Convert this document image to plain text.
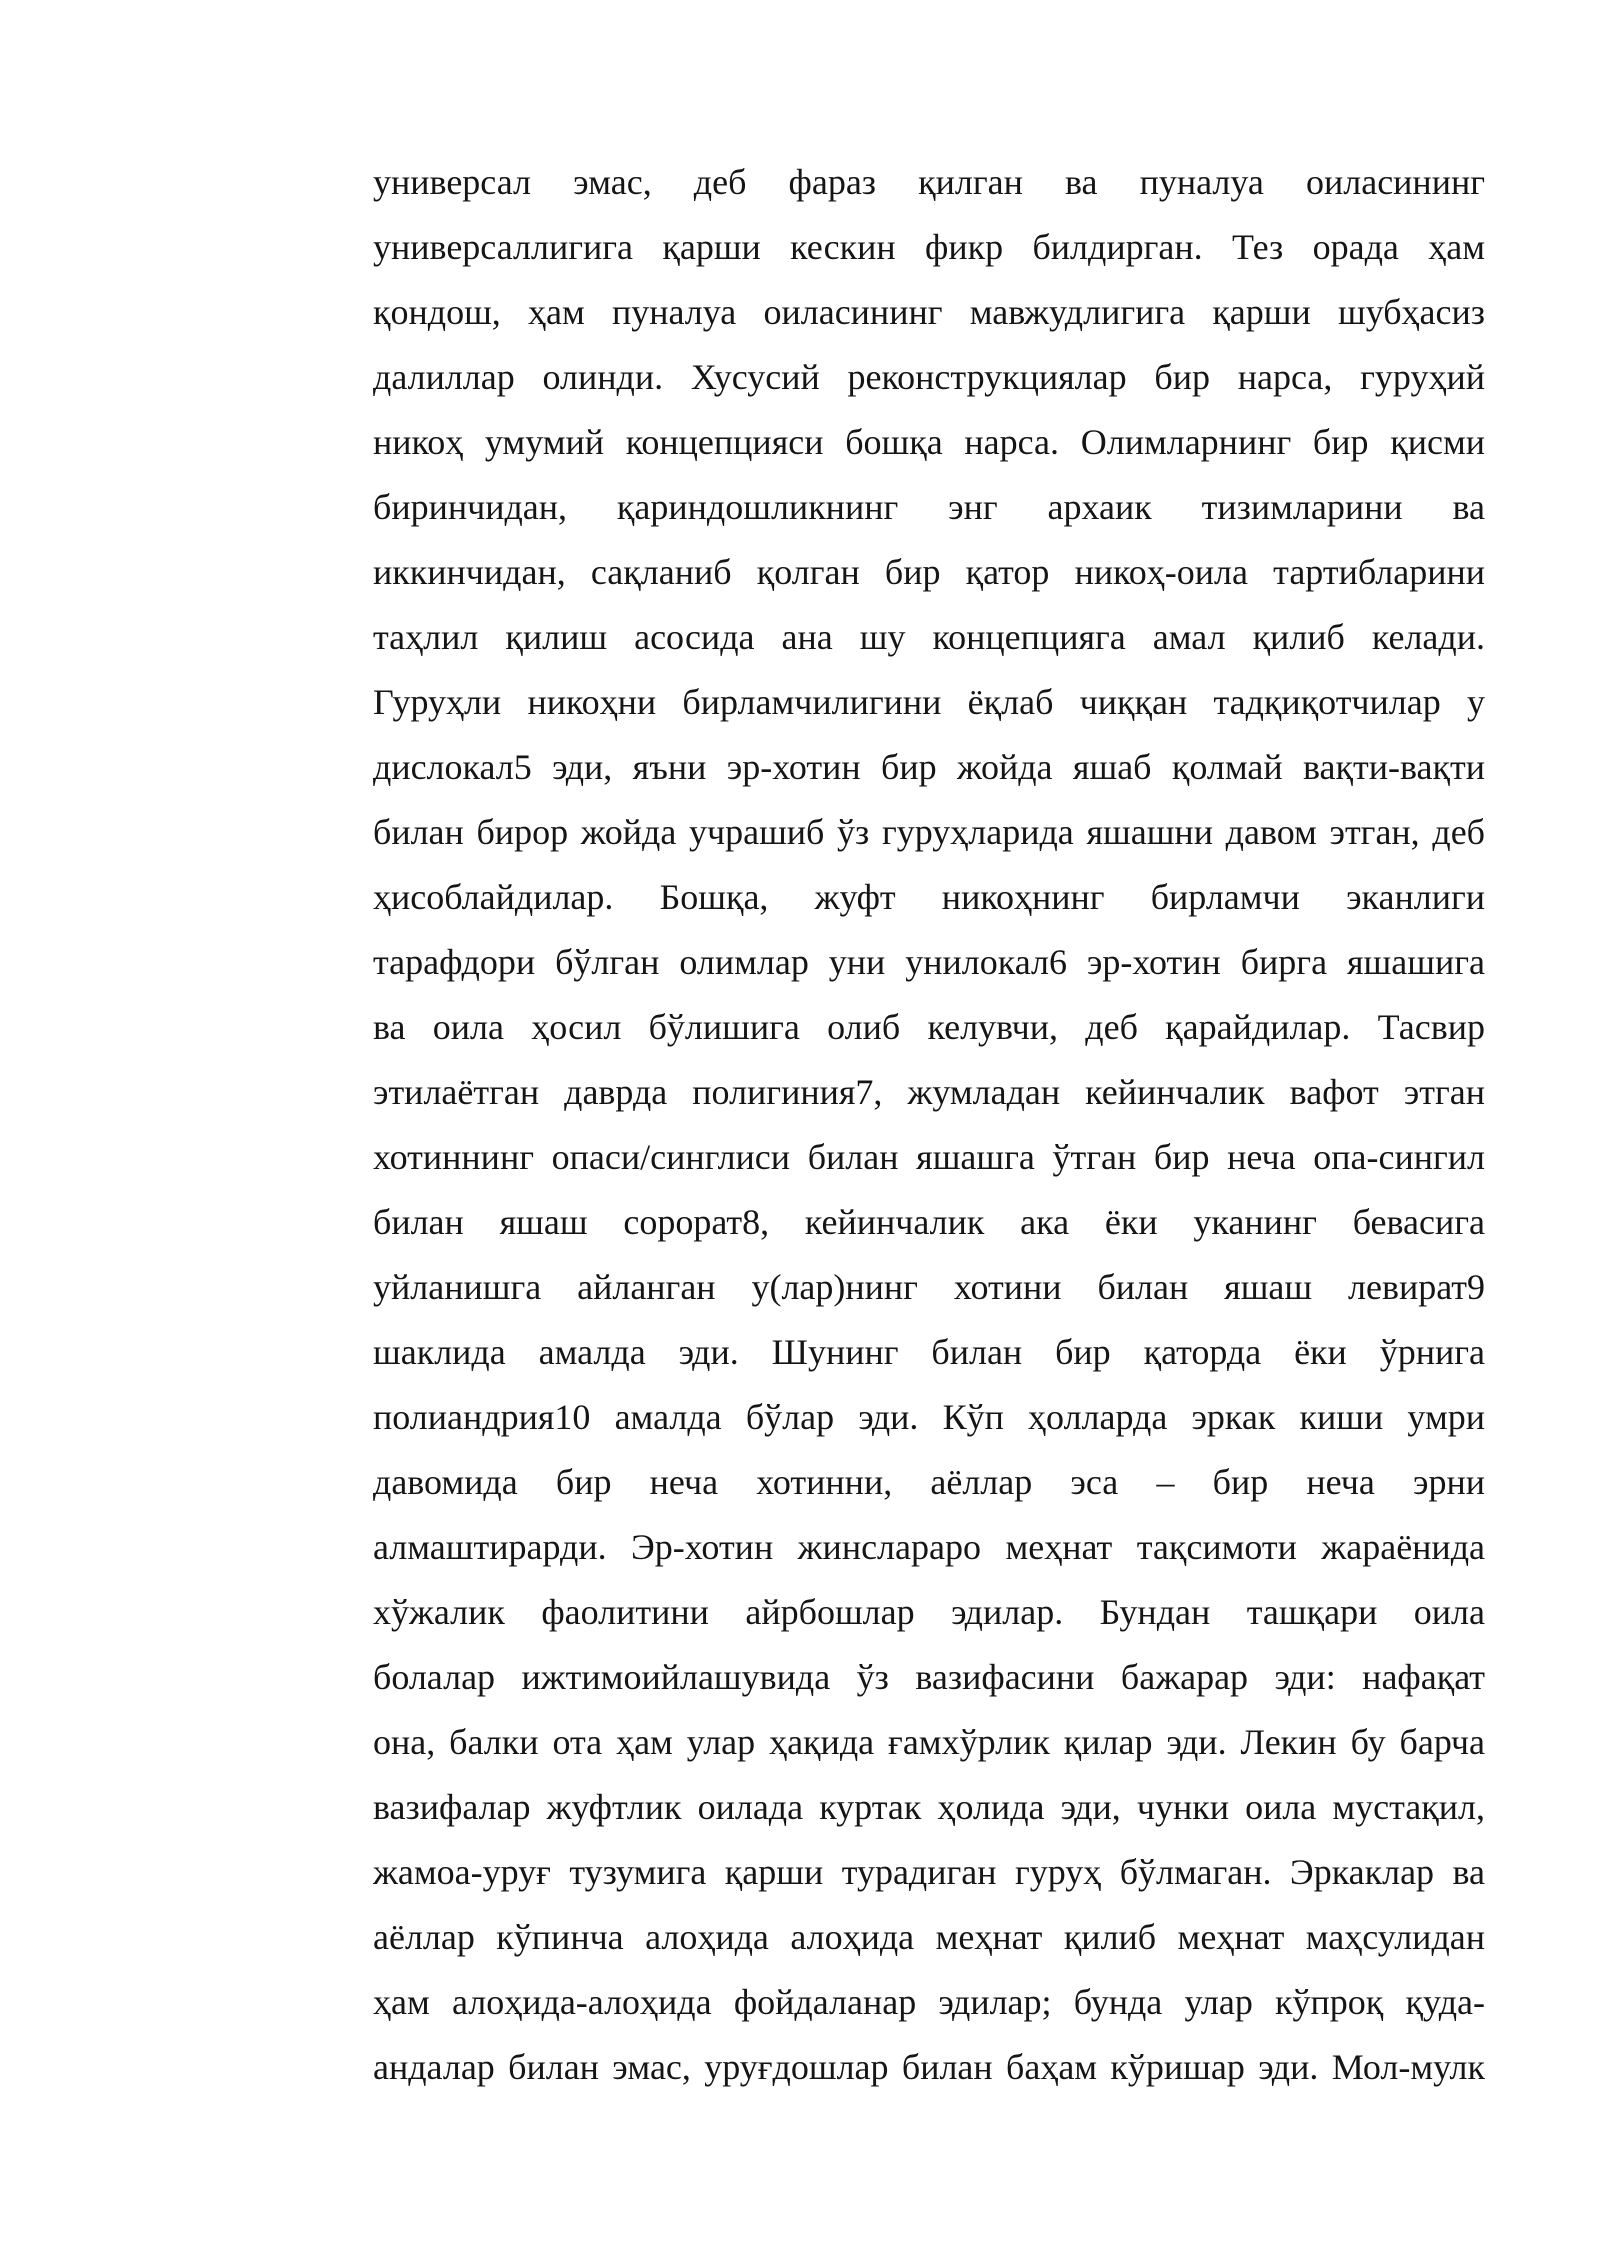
универсал эмас, деб фараз қилган ва пуналуа оиласининг
универсаллигига қарши кескин фикр билдирган. Тез орада ҳам
қондош, ҳам пуналуа оиласининг мавжудлигига қарши шубҳасиз
далиллар олинди. Хусусий реконструкциялар бир нарса, гуруҳий
никоҳ умумий концепцияси бошқа нарса. Олимларнинг бир қисми
биринчидан, қариндошликнинг энг архаик тизимларини ва
иккинчидан, сақланиб қолган бир қатор никоҳ-оила тартибларини
таҳлил қилиш асосида ана шу концепцияга амал қилиб келади.
Гуруҳли никоҳни бирламчилигини ёқлаб чиққан тадқиқотчилар у
дислокал5 эди, яъни эр-хотин бир жойда яшаб қолмай вақти-вақти
билан бирор жойда учрашиб ўз гуруҳларида яшашни давом этган, деб
ҳисоблайдилар. Бошқа, жуфт никоҳнинг бирламчи эканлиги
тарафдори бўлган олимлар уни унилокал6 эр-хотин бирга яшашига
ва оила ҳосил бўлишига олиб келувчи, деб қарайдилар. Тасвир
этилаётган даврда полигиния7, жумладан кейинчалик вафот этган
хотиннинг опаси/синглиси билан яшашга ўтган бир неча опа-сингил
билан яшаш сорорат8, кейинчалик ака ёки уканинг бевасига
уйланишга айланган у(лар)нинг хотини билан яшаш левират9
шаклида амалда эди. Шунинг билан бир қаторда ёки ўрнига
полиандрия10 амалда бўлар эди. Кўп ҳолларда эркак киши умри
давомида бир неча хотинни, аёллар эса – бир неча эрни
алмаштирарди. Эр-хотин жинслараро меҳнат тақсимоти жараёнида
хўжалик фаолитини айрбошлар эдилар. Бундан ташқари оила
болалар ижтимоийлашувида ўз вазифасини бажарар эди: нафақат
она, балки ота ҳам улар ҳақида ғамхўрлик қилар эди. Лекин бу барча
вазифалар жуфтлик оилада куртак ҳолида эди, чунки оила мустақил,
жамоа-уруғ тузумига қарши турадиган гуруҳ бўлмаган. Эркаклар ва
аёллар кўпинча алоҳида алоҳида меҳнат қилиб меҳнат маҳсулидан
ҳам алоҳида-алоҳида фойдаланар эдилар; бунда улар кўпроқ қуда-
андалар билан эмас, уруғдошлар билан баҳам кўришар эди. Мол-мулк
